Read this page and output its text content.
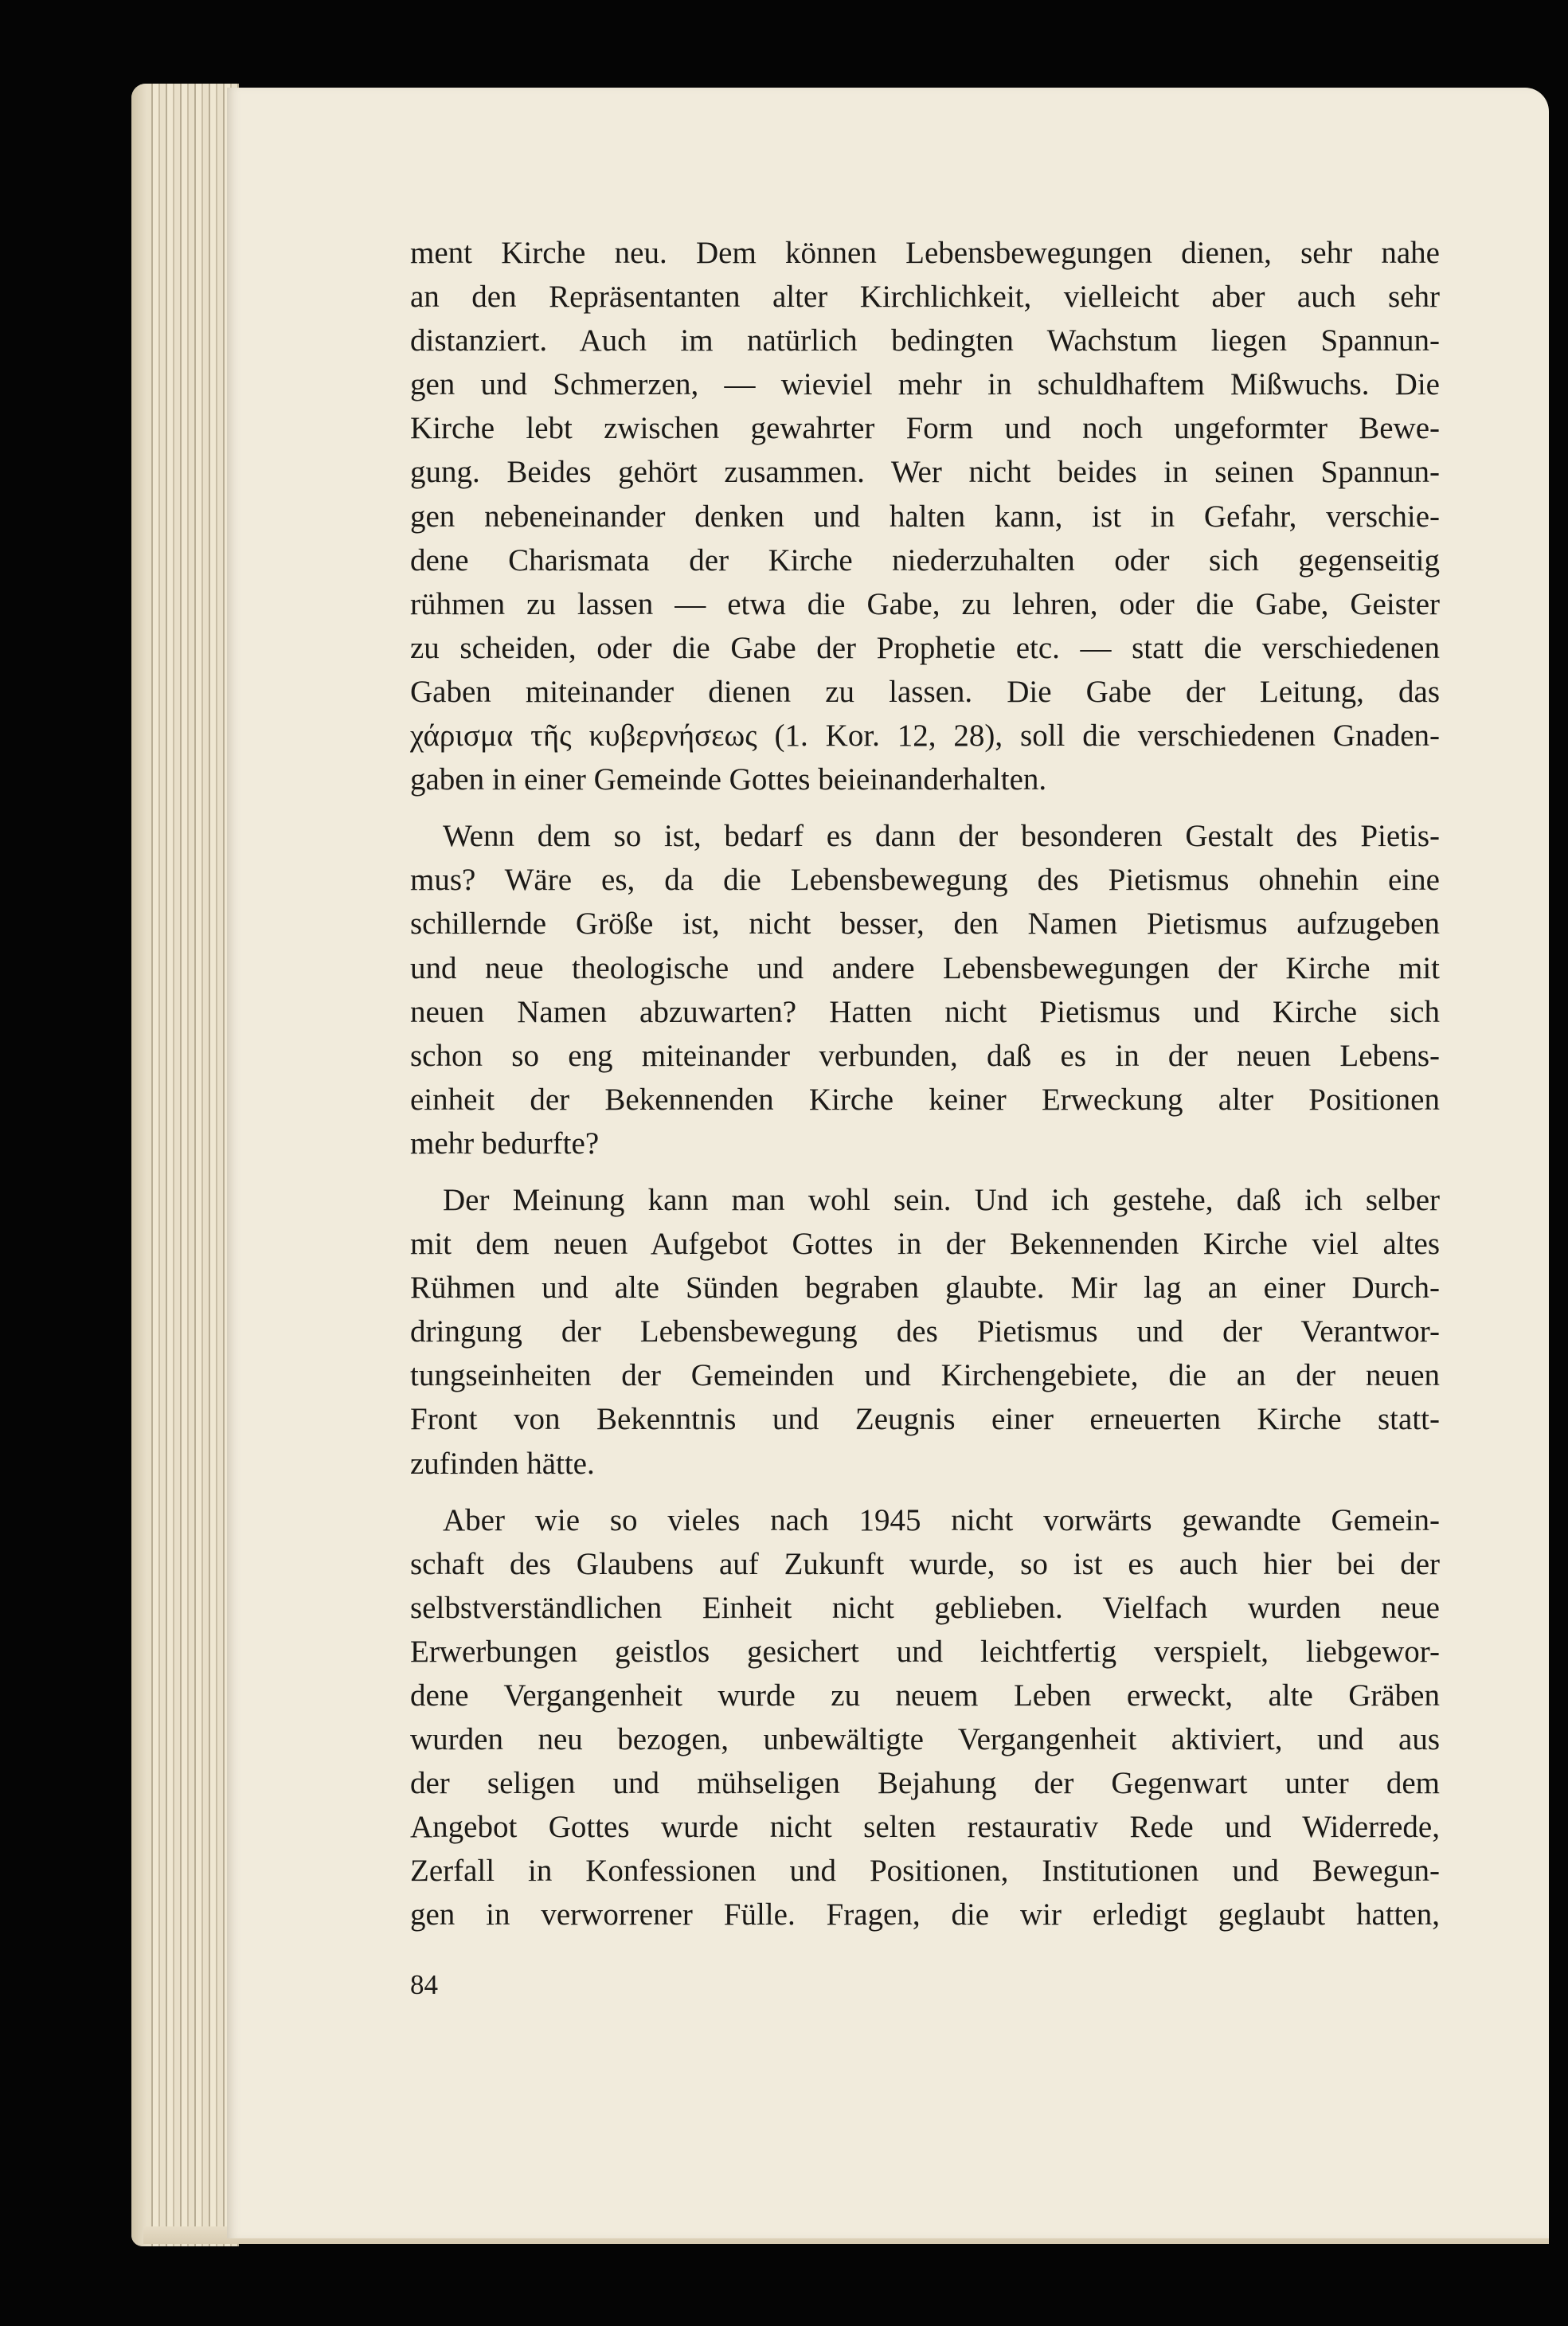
ment Kirche neu. Dem können Lebensbewegungen dienen, sehr nahe
an den Repräsentanten alter Kirchlichkeit, vielleicht aber auch sehr
distanziert. Auch im natürlich bedingten Wachstum liegen Spannun-
gen und Schmerzen, — wieviel mehr in schuldhaftem Mißwuchs. Die
Kirche lebt zwischen gewahrter Form und noch ungeformter Bewe-
gung. Beides gehört zusammen. Wer nicht beides in seinen Spannun-
gen nebeneinander denken und halten kann, ist in Gefahr, verschie-
dene Charismata der Kirche niederzuhalten oder sich gegenseitig
rühmen zu lassen — etwa die Gabe, zu lehren, oder die Gabe, Geister
zu scheiden, oder die Gabe der Prophetie etc. — statt die verschiedenen
Gaben miteinander dienen zu lassen. Die Gabe der Leitung, das
χάρισμα τῆς κυβερνήσεως (1. Kor. 12, 28), soll die verschiedenen Gnaden-
gaben in einer Gemeinde Gottes beieinanderhalten.
Wenn dem so ist, bedarf es dann der besonderen Gestalt des Pietis-
mus? Wäre es, da die Lebensbewegung des Pietismus ohnehin eine
schillernde Größe ist, nicht besser, den Namen Pietismus aufzugeben
und neue theologische und andere Lebensbewegungen der Kirche mit
neuen Namen abzuwarten? Hatten nicht Pietismus und Kirche sich
schon so eng miteinander verbunden, daß es in der neuen Lebens-
einheit der Bekennenden Kirche keiner Erweckung alter Positionen
mehr bedurfte?
Der Meinung kann man wohl sein. Und ich gestehe, daß ich selber
mit dem neuen Aufgebot Gottes in der Bekennenden Kirche viel altes
Rühmen und alte Sünden begraben glaubte. Mir lag an einer Durch-
dringung der Lebensbewegung des Pietismus und der Verantwor-
tungseinheiten der Gemeinden und Kirchengebiete, die an der neuen
Front von Bekenntnis und Zeugnis einer erneuerten Kirche statt-
zufinden hätte.
Aber wie so vieles nach 1945 nicht vorwärts gewandte Gemein-
schaft des Glaubens auf Zukunft wurde, so ist es auch hier bei der
selbstverständlichen Einheit nicht geblieben. Vielfach wurden neue
Erwerbungen geistlos gesichert und leichtfertig verspielt, liebgewor-
dene Vergangenheit wurde zu neuem Leben erweckt, alte Gräben
wurden neu bezogen, unbewältigte Vergangenheit aktiviert, und aus
der seligen und mühseligen Bejahung der Gegenwart unter dem
Angebot Gottes wurde nicht selten restaurativ Rede und Widerrede,
Zerfall in Konfessionen und Positionen, Institutionen und Bewegun-
gen in verworrener Fülle. Fragen, die wir erledigt geglaubt hatten,
84
